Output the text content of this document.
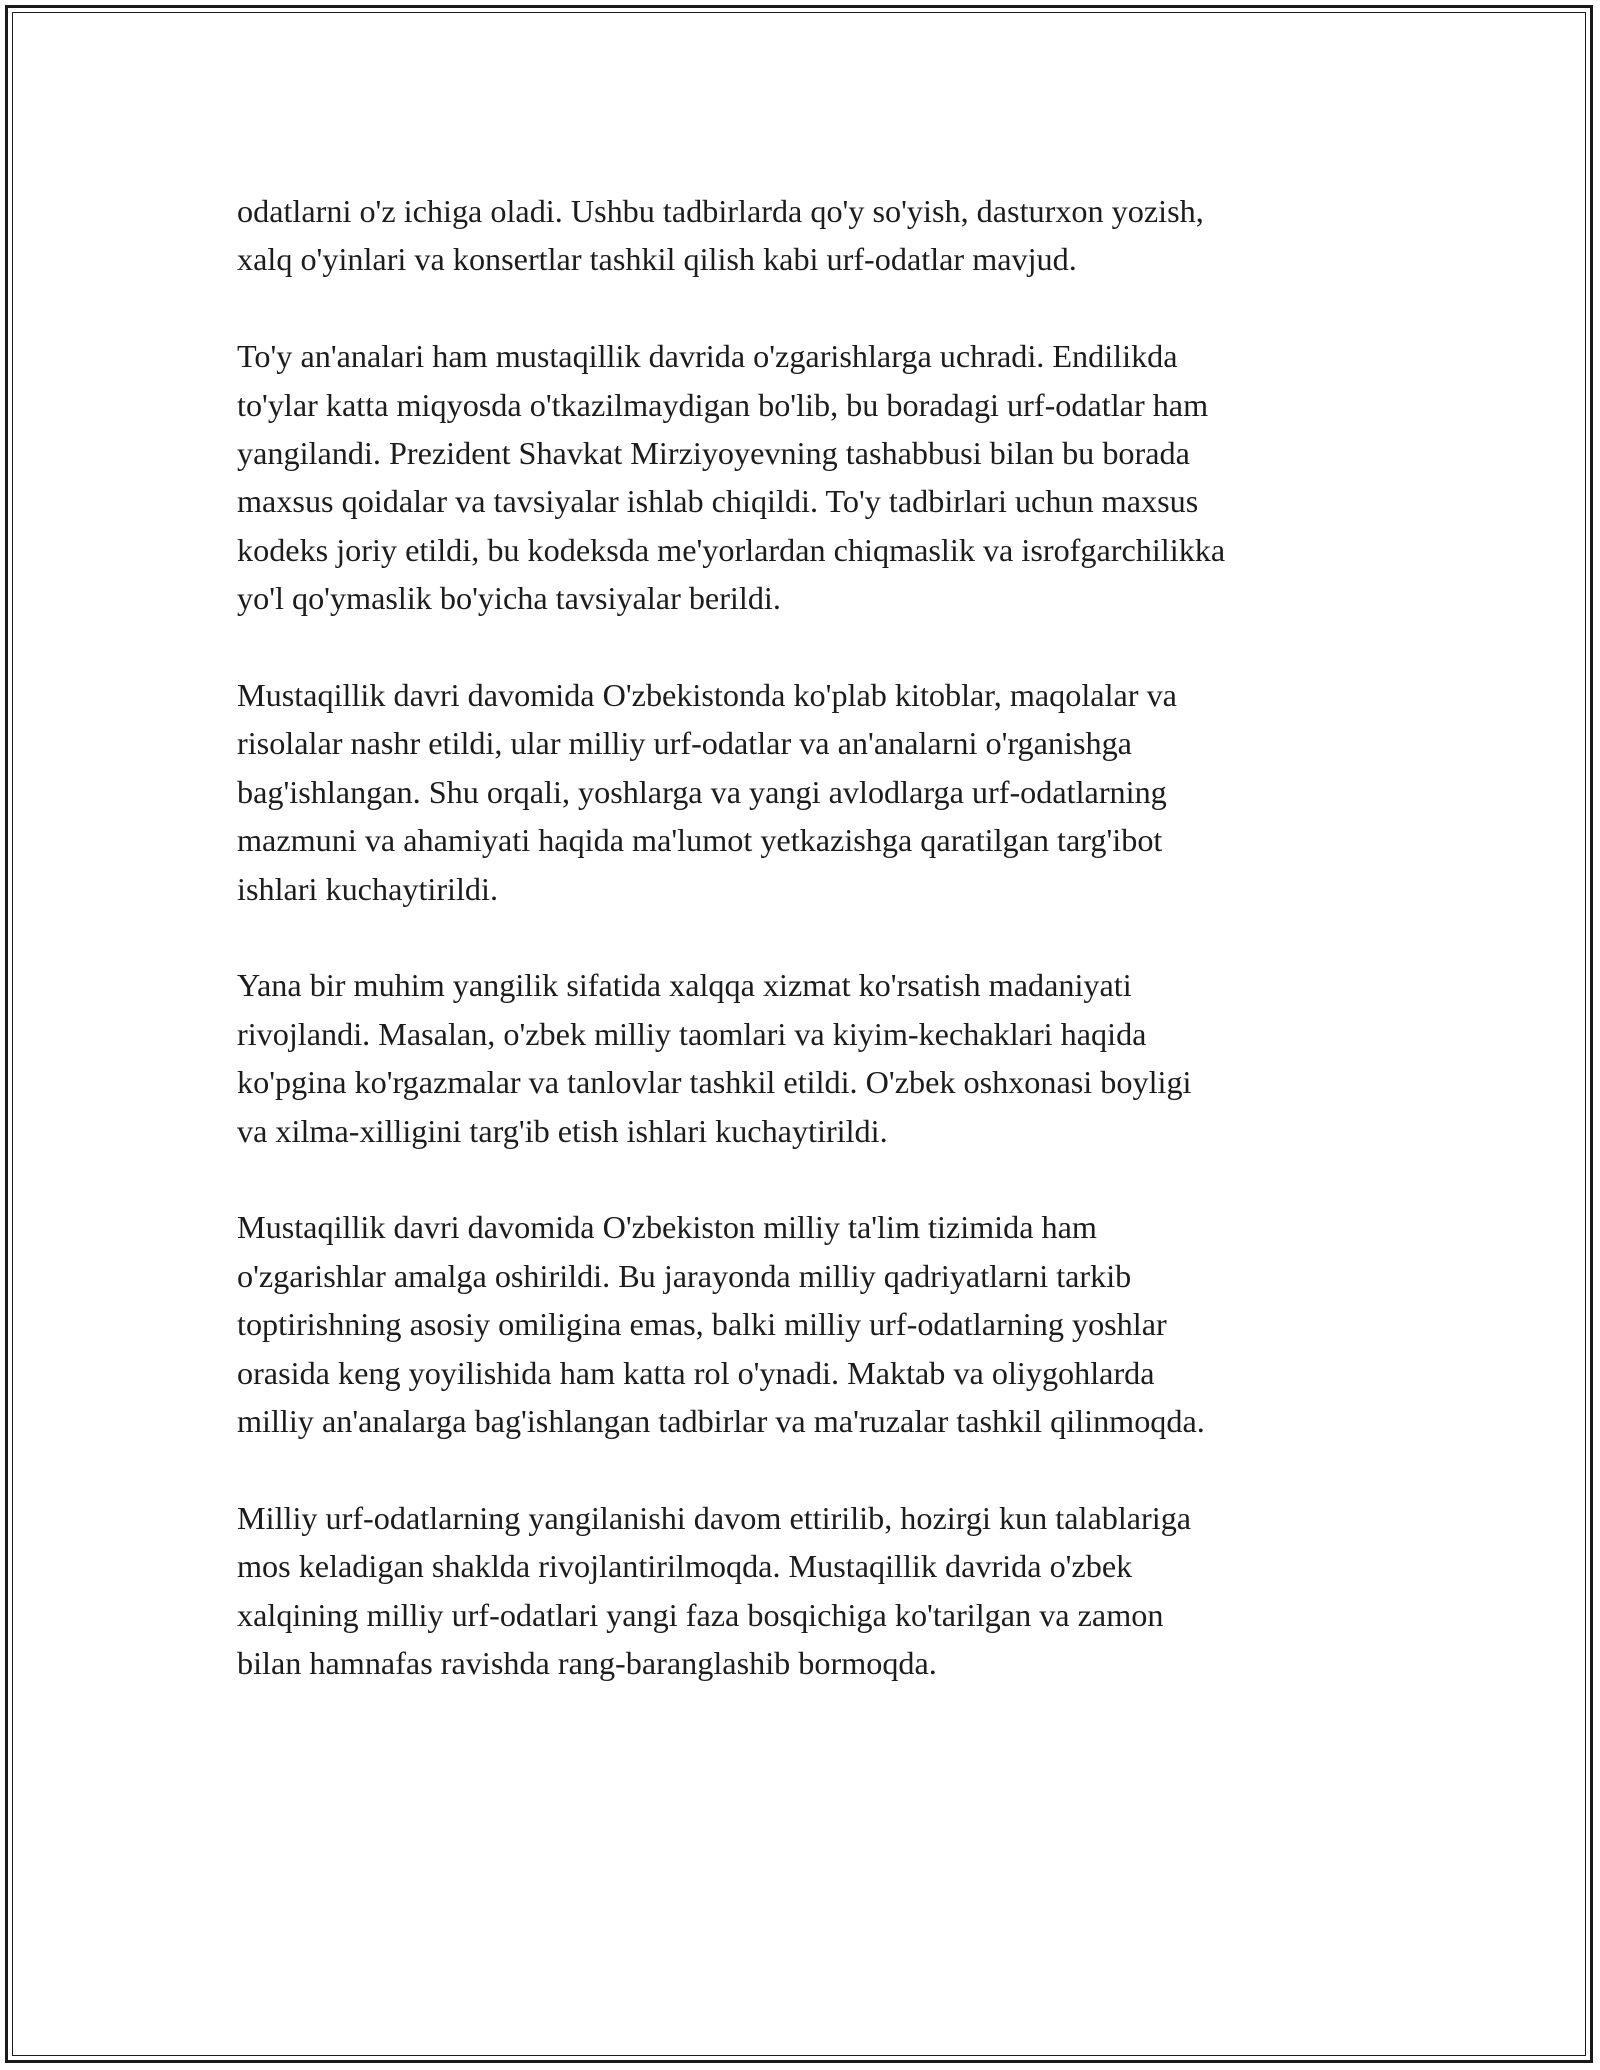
odatlarni o'z ichiga oladi. Ushbu tadbirlarda qo'y so'yish, dasturxon yozish,
xalq o'yinlari va konsertlar tashkil qilish kabi urf-odatlar mavjud.

To'y an'analari ham mustaqillik davrida o'zgarishlarga uchradi. Endilikda
to'ylar katta miqyosda o'tkazilmaydigan bo'lib, bu boradagi urf-odatlar ham
yangilandi. Prezident Shavkat Mirziyoyevning tashabbusi bilan bu borada
maxsus qoidalar va tavsiyalar ishlab chiqildi. To'y tadbirlari uchun maxsus
kodeks joriy etildi, bu kodeksda me'yorlardan chiqmaslik va isrofgarchilikka
yo'l qo'ymaslik bo'yicha tavsiyalar berildi.

Mustaqillik davri davomida O'zbekistonda ko'plab kitoblar, maqolalar va
risolalar nashr etildi, ular milliy urf-odatlar va an'analarni o'rganishga
bag'ishlangan. Shu orqali, yoshlarga va yangi avlodlarga urf-odatlarning
mazmuni va ahamiyati haqida ma'lumot yetkazishga qaratilgan targ'ibot
ishlari kuchaytirildi.

Yana bir muhim yangilik sifatida xalqqa xizmat ko'rsatish madaniyati
rivojlandi. Masalan, o'zbek milliy taomlari va kiyim-kechaklari haqida
ko'pgina ko'rgazmalar va tanlovlar tashkil etildi. O'zbek oshxonasi boyligi
va xilma-xilligini targ'ib etish ishlari kuchaytirildi.

Mustaqillik davri davomida O'zbekiston milliy ta'lim tizimida ham
o'zgarishlar amalga oshirildi. Bu jarayonda milliy qadriyatlarni tarkib
toptirishning asosiy omiligina emas, balki milliy urf-odatlarning yoshlar
orasida keng yoyilishida ham katta rol o'ynadi. Maktab va oliygohlarda
milliy an'analarga bag'ishlangan tadbirlar va ma'ruzalar tashkil qilinmoqda.

Milliy urf-odatlarning yangilanishi davom ettirilib, hozirgi kun talablariga
mos keladigan shaklda rivojlantirilmoqda. Mustaqillik davrida o'zbek
xalqining milliy urf-odatlari yangi faza bosqichiga ko'tarilgan va zamon
bilan hamnafas ravishda rang-baranglashib bormoqda.
